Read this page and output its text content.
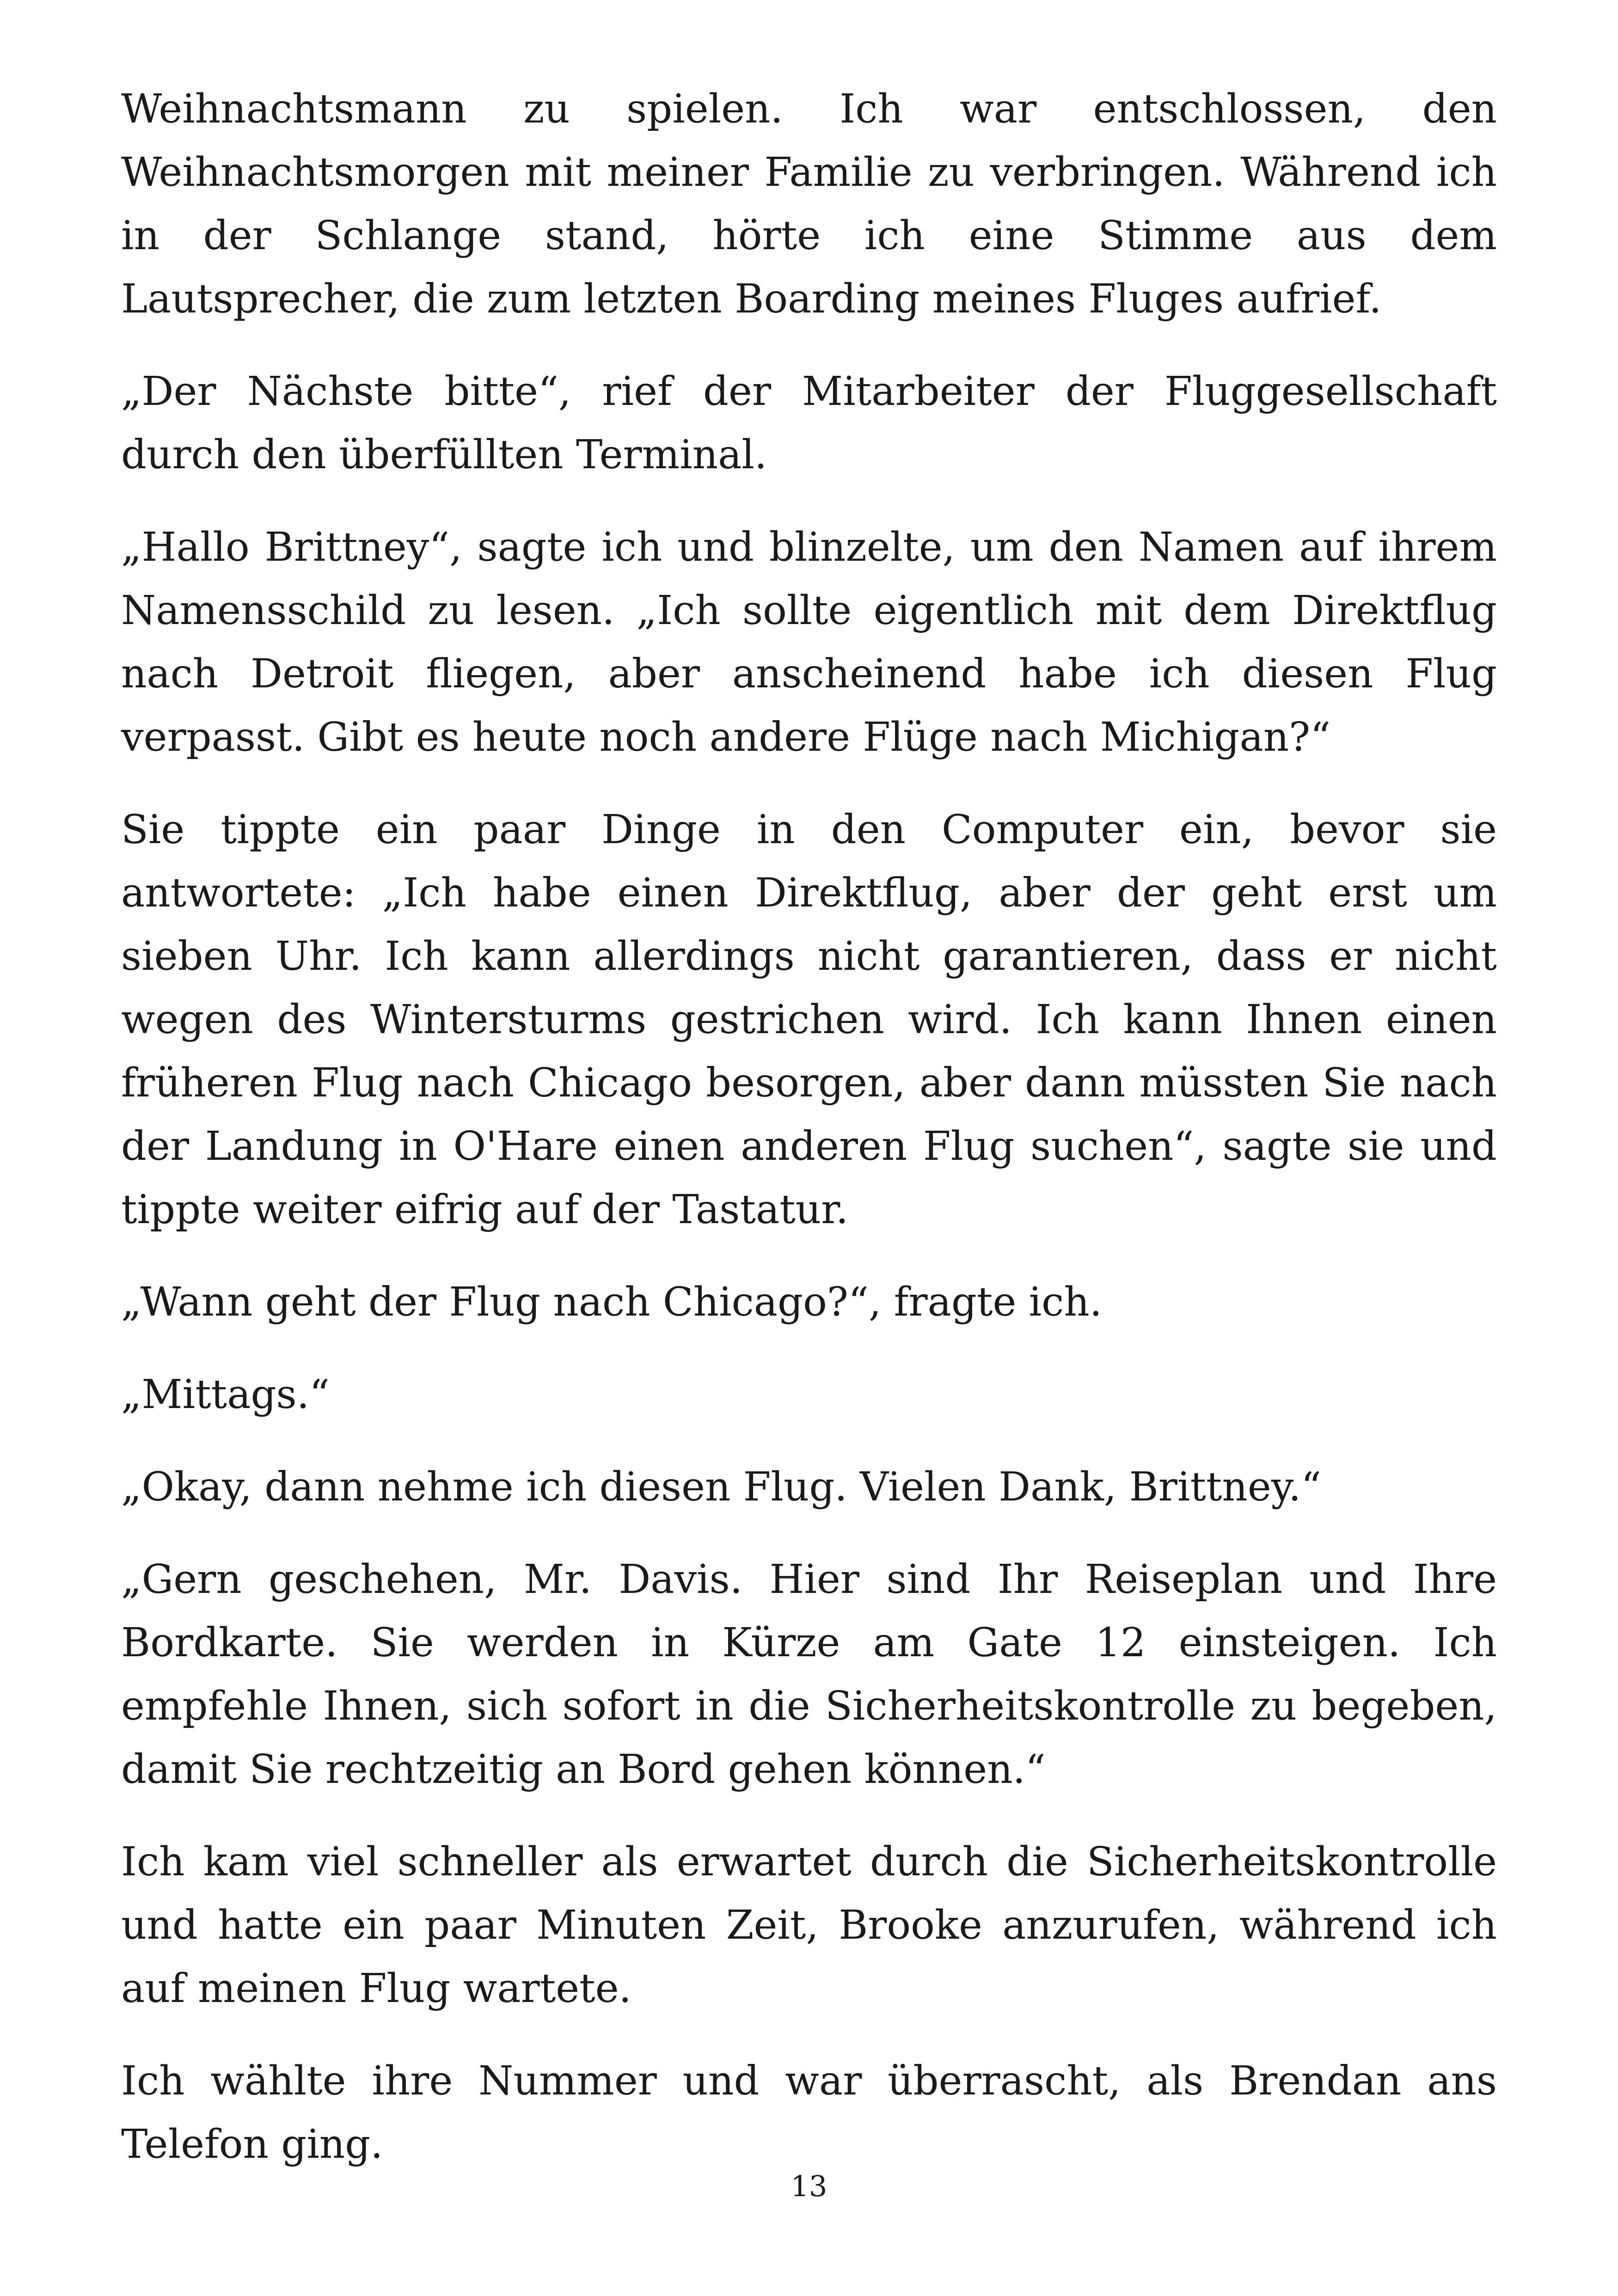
Weihnachtsmann zu spielen. Ich war entschlossen, den Weihnachtsmorgen mit meiner Familie zu verbringen. Während ich in der Schlange stand, hörte ich eine Stimme aus dem Lautsprecher, die zum letzten Boarding meines Fluges aufrief.

„Der Nächste bitte“, rief der Mitarbeiter der Fluggesellschaft durch den überfüllten Terminal.

„Hallo Brittney“, sagte ich und blinzelte, um den Namen auf ihrem Namensschild zu lesen. „Ich sollte eigentlich mit dem Direktflug nach Detroit fliegen, aber anscheinend habe ich diesen Flug verpasst. Gibt es heute noch andere Flüge nach Michigan?“

Sie tippte ein paar Dinge in den Computer ein, bevor sie antwortete: „Ich habe einen Direktflug, aber der geht erst um sieben Uhr. Ich kann allerdings nicht garantieren, dass er nicht wegen des Wintersturms gestrichen wird. Ich kann Ihnen einen früheren Flug nach Chicago besorgen, aber dann müssten Sie nach der Landung in O'Hare einen anderen Flug suchen“, sagte sie und tippte weiter eifrig auf der Tastatur.

„Wann geht der Flug nach Chicago?“, fragte ich.

„Mittags.“

„Okay, dann nehme ich diesen Flug. Vielen Dank, Brittney.“

„Gern geschehen, Mr. Davis. Hier sind Ihr Reiseplan und Ihre Bordkarte. Sie werden in Kürze am Gate 12 einsteigen. Ich empfehle Ihnen, sich sofort in die Sicherheitskontrolle zu begeben, damit Sie rechtzeitig an Bord gehen können.“

Ich kam viel schneller als erwartet durch die Sicherheitskontrolle und hatte ein paar Minuten Zeit, Brooke anzurufen, während ich auf meinen Flug wartete.

Ich wählte ihre Nummer und war überrascht, als Brendan ans Telefon ging.

13
